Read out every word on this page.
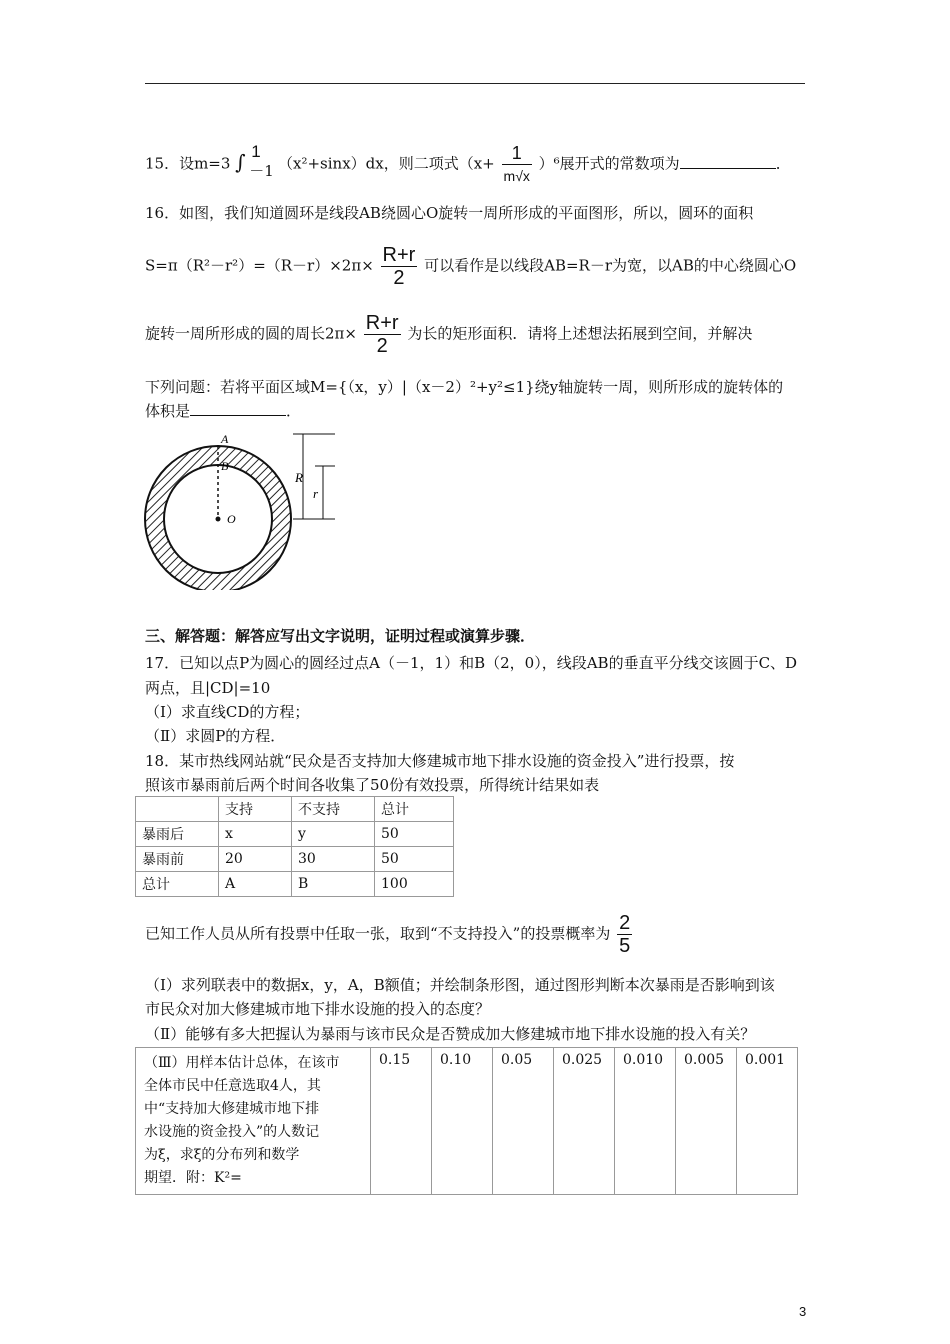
15．设m=3 ∫ 1
－1 （x²+sinx）dx，则二项式$(x+ \frac{1}{m√x} )^6$展开式的常数项为	．
16．如图，我们知道圆环是线段AB绕圆心O旋转一周所形成的平面图形，所以，圆环的面积
$S=\pi(R^2-r^2)=(R-r)\times 2\pi\times \frac{R+r}{2}$ 可以看作是以线段AB=R－r为宽，以AB的中心绕圆心O
旋转一周所形成的圆的周长$2\pi\times \frac{R+r}{2}$ 为长的矩形面积．请将上述想法拓展到空间，并解决
下列问题：若将平面区域M={（x，y）|（x－2）²+y²≤1}绕y轴旋转一周，则所形成的旋转体的
体积是	．
A
B
O
R
r
三、解答题：解答应写出文字说明，证明过程或演算步骤．
17．已知以点P为圆心的圆经过点A（－1，1）和B（2，0），线段AB的垂直平分线交该圆于C、D
两点，且|CD|=10
（Ⅰ）求直线CD的方程；
（Ⅱ）求圆P的方程．
18．某市热线网站就“民众是否支持加大修建城市地下排水设施的资金投入”进行投票，按
照该市暴雨前后两个时间各收集了50份有效投票，所得统计结果如表
	支持	不支持	总计
暴雨后	x	y	50
暴雨前	20	30	50
总计	A	B	100
已知工作人员从所有投票中任取一张，取到“不支持投入”的投票概率为 $\frac{2}{5}$
（Ⅰ）求列联表中的数据x，y，A，B额值；并绘制条形图，通过图形判断本次暴雨是否影响到该
市民众对加大修建城市地下排水设施的投入的态度？
（Ⅱ）能够有多大把握认为暴雨与该市民众是否赞成加大修建城市地下排水设施的投入有关？
（Ⅲ）用样本估计总体，在该市
全体市民中任意选取4人，其
中“支持加大修建城市地下排
水设施的资金投入”的人数记
为ξ，求ξ的分布列和数学
期望．附：K²=
	0.15	0.10	0.05	0.025	0.010	0.005	0.001
3
